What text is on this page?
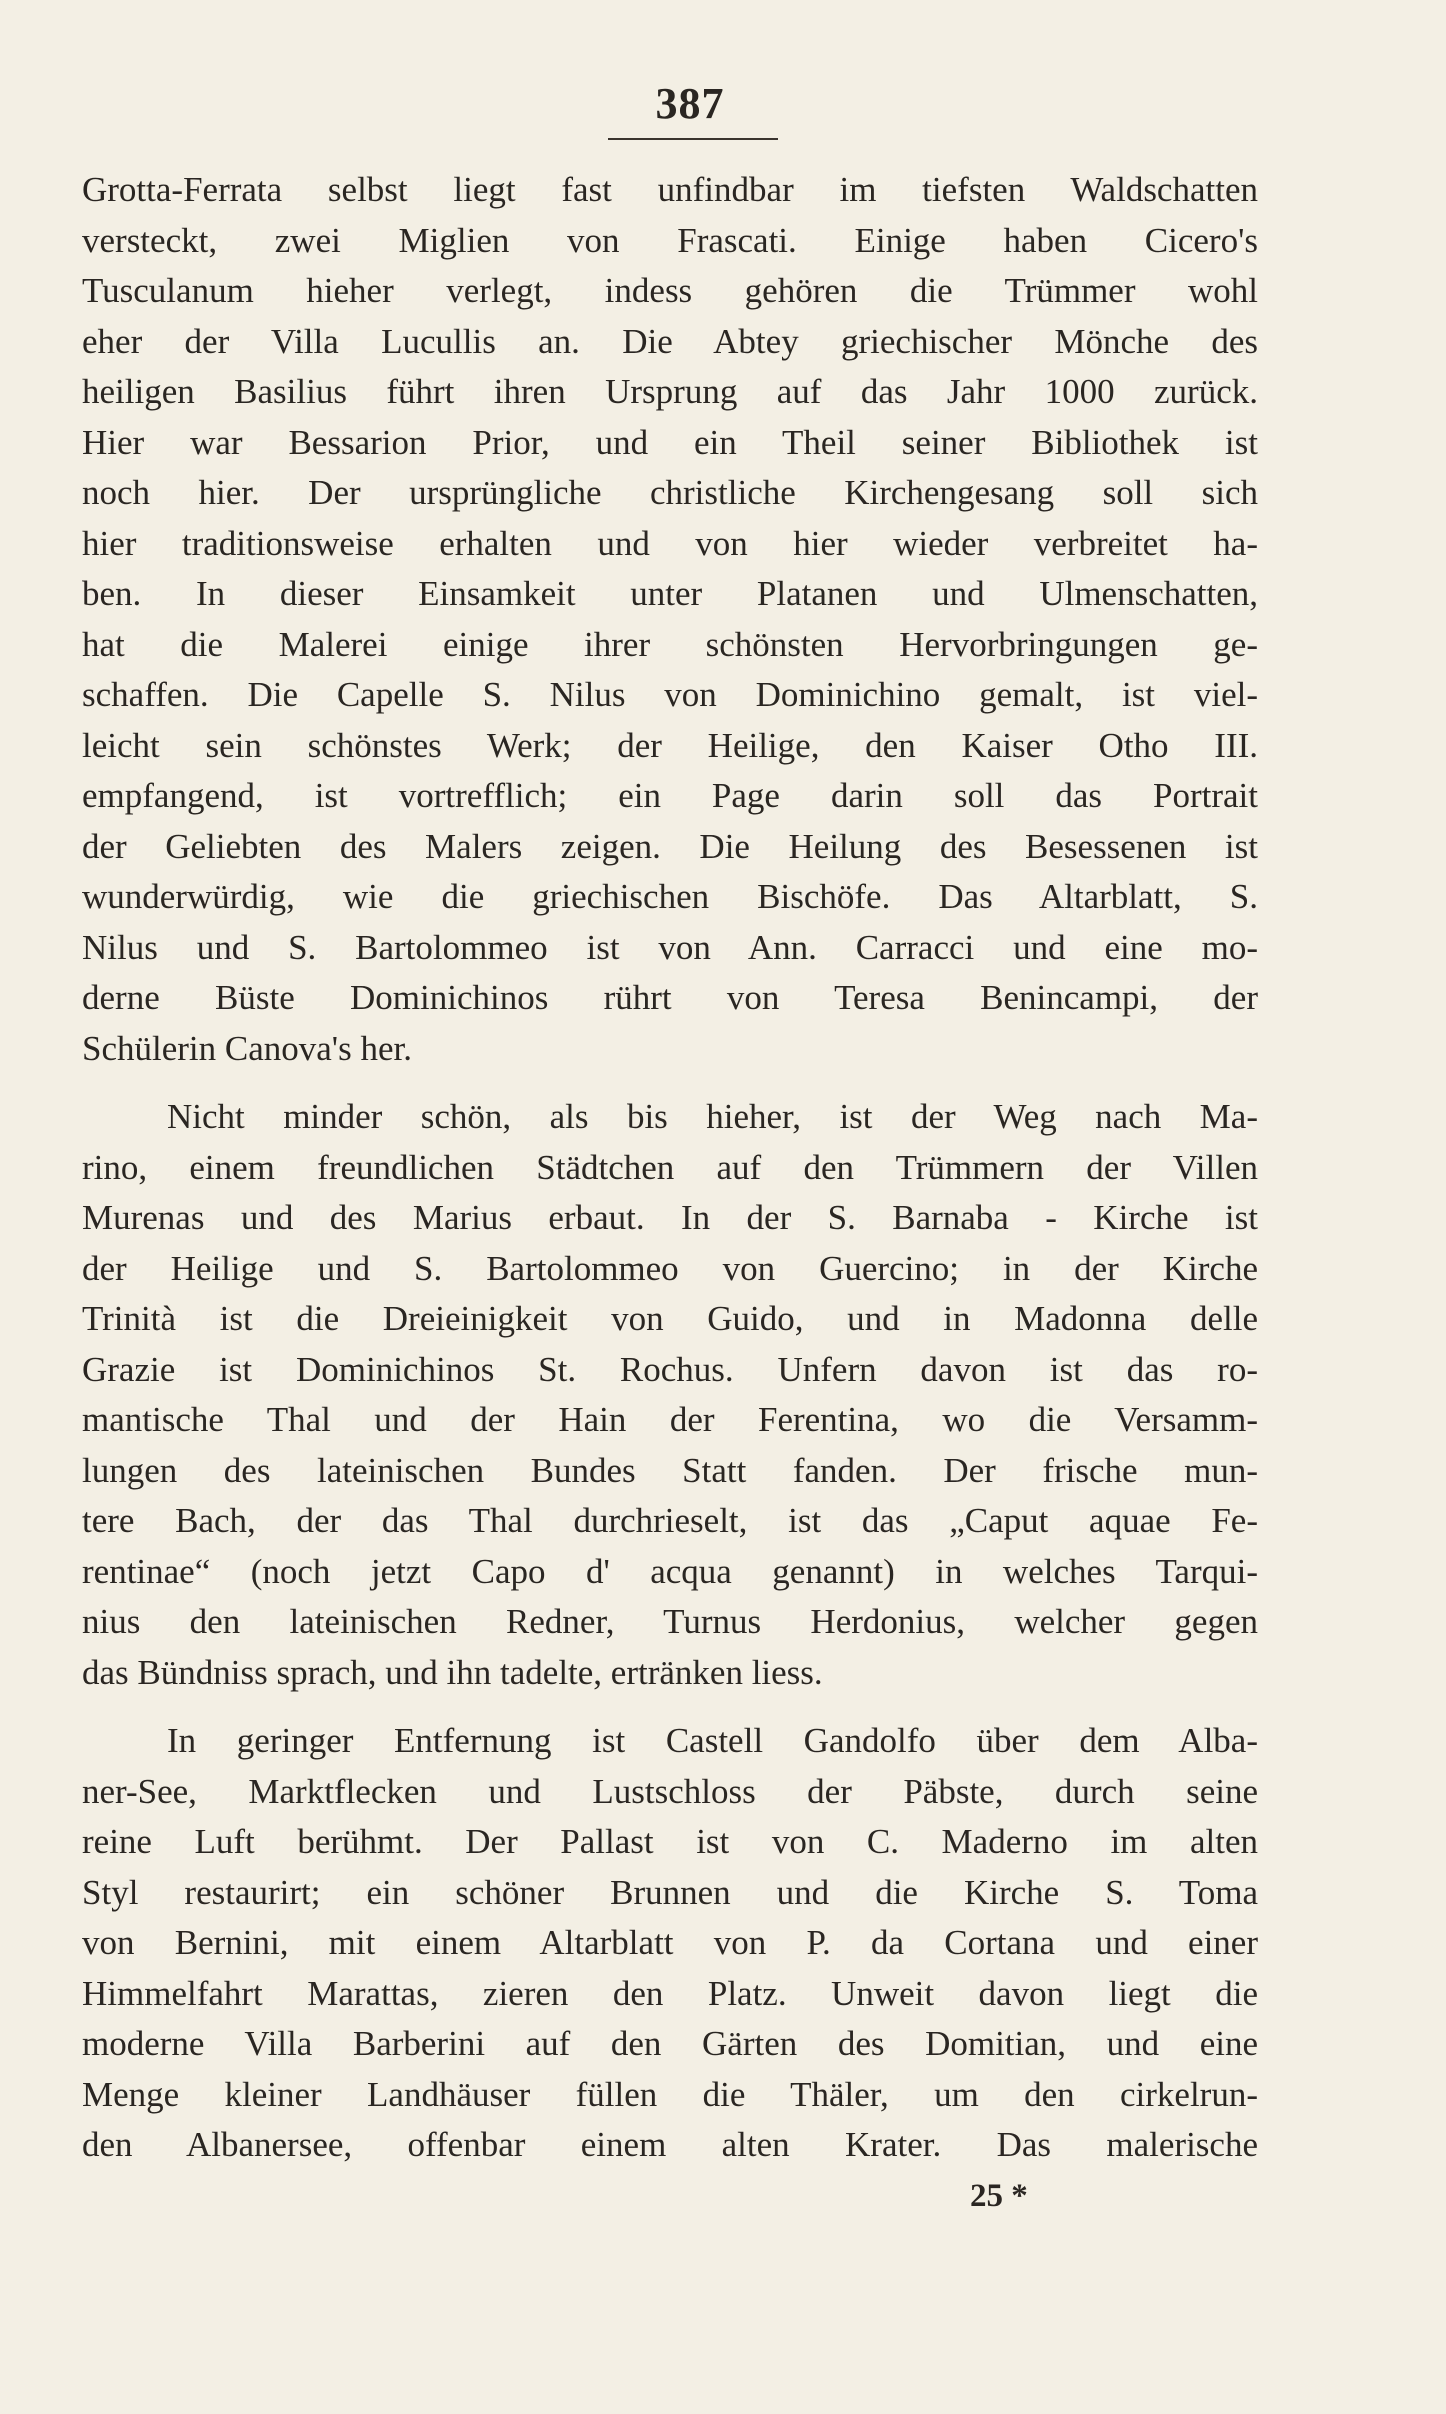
387
Grotta-Ferrata selbst liegt fast unfindbar im tiefsten Waldschatten
versteckt, zwei Miglien von Frascati. Einige haben Cicero's
Tusculanum hieher verlegt, indess gehören die Trümmer wohl
eher der Villa Lucullis an. Die Abtey griechischer Mönche des
heiligen Basilius führt ihren Ursprung auf das Jahr 1000 zurück.
Hier war Bessarion Prior, und ein Theil seiner Bibliothek ist
noch hier. Der ursprüngliche christliche Kirchengesang soll sich
hier traditionsweise erhalten und von hier wieder verbreitet ha-
ben. In dieser Einsamkeit unter Platanen und Ulmenschatten,
hat die Malerei einige ihrer schönsten Hervorbringungen ge-
schaffen. Die Capelle S. Nilus von Dominichino gemalt, ist viel-
leicht sein schönstes Werk; der Heilige, den Kaiser Otho III.
empfangend, ist vortrefflich; ein Page darin soll das Portrait
der Geliebten des Malers zeigen. Die Heilung des Besessenen ist
wunderwürdig, wie die griechischen Bischöfe. Das Altarblatt, S.
Nilus und S. Bartolommeo ist von Ann. Carracci und eine mo-
derne Büste Dominichinos rührt von Teresa Benincampi, der
Schülerin Canova's her.
Nicht minder schön, als bis hieher, ist der Weg nach Ma-
rino, einem freundlichen Städtchen auf den Trümmern der Villen
Murenas und des Marius erbaut. In der S. Barnaba - Kirche ist
der Heilige und S. Bartolommeo von Guercino; in der Kirche
Trinità ist die Dreieinigkeit von Guido, und in Madonna delle
Grazie ist Dominichinos St. Rochus. Unfern davon ist das ro-
mantische Thal und der Hain der Ferentina, wo die Versamm-
lungen des lateinischen Bundes Statt fanden. Der frische mun-
tere Bach, der das Thal durchrieselt, ist das „Caput aquae Fe-
rentinae“ (noch jetzt Capo d' acqua genannt) in welches Tarqui-
nius den lateinischen Redner, Turnus Herdonius, welcher gegen
das Bündniss sprach, und ihn tadelte, ertränken liess.
In geringer Entfernung ist Castell Gandolfo über dem Alba-
ner-See, Marktflecken und Lustschloss der Päbste, durch seine
reine Luft berühmt. Der Pallast ist von C. Maderno im alten
Styl restaurirt; ein schöner Brunnen und die Kirche S. Toma
von Bernini, mit einem Altarblatt von P. da Cortana und einer
Himmelfahrt Marattas, zieren den Platz. Unweit davon liegt die
moderne Villa Barberini auf den Gärten des Domitian, und eine
Menge kleiner Landhäuser füllen die Thäler, um den cirkelrun-
den Albanersee, offenbar einem alten Krater. Das malerische
25 *
